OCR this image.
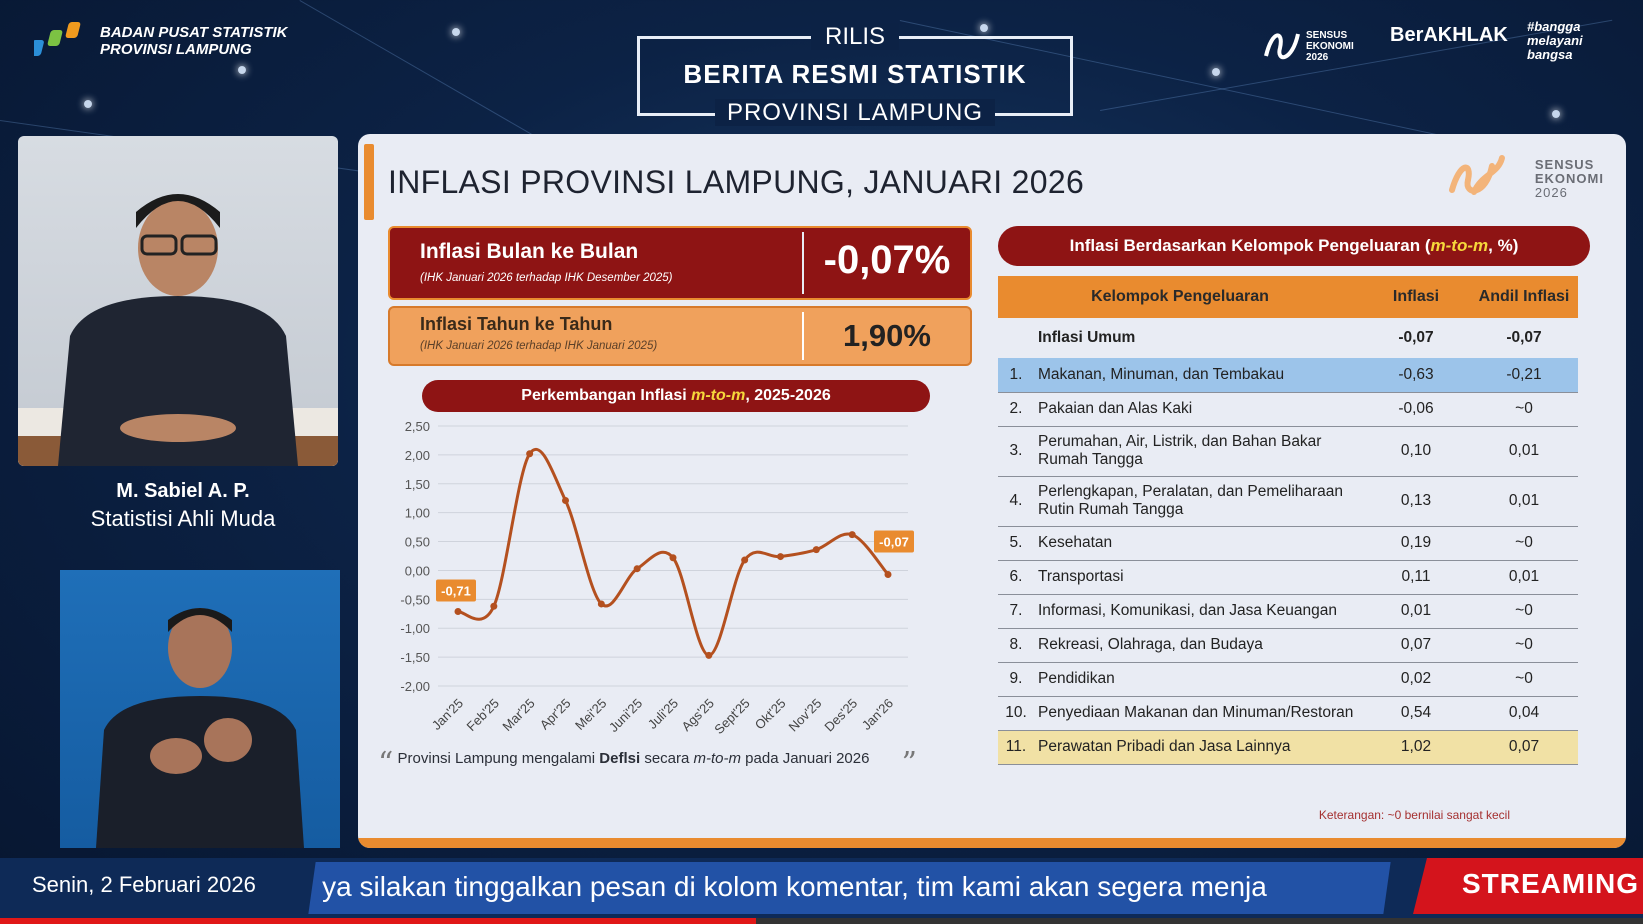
BADAN PUSAT STATISTIK
PROVINSI LAMPUNG	RILIS
BERITA RESMI STATISTIK
PROVINSI LAMPUNG
SENSUS EKONOMI 2026
BerAKHLAK #bangga melayani bangsa
M. Sabiel A. P.
Statistisi Ahli Muda
INFLASI PROVINSI LAMPUNG, JANUARI 2026	SENSUS
EKONOMI
2026
Inflasi Bulan ke Bulan
(IHK Januari 2026 terhadap IHK Desember 2025)	-0,07%
Inflasi Tahun ke Tahun
(IHK Januari 2026 terhadap IHK Januari 2025)	1,90%
Perkembangan Inflasi m-to-m, 2025-2026
2,50
2,00
1,50
1,00
0,50
0,00
-0,50
-1,00
-1,50
-2,00
Jan'25
Feb'25
Mar'25
Apr'25
Mei'25
Juni'25 Juli'25
Ags'25
Sept'25
Okt'25
Nov'25
Des'25
Jan'26
-0,71
-0,07
“ Provinsi Lampung mengalami Deflsi secara m-to-m pada Januari 2026 ”
Inflasi Berdasarkan Kelompok Pengeluaran (m-to-m, %)
Kelompok Pengeluaran		Inflasi	Andil Inflasi
	Inflasi Umum	-0,07	-0,07
1.	Makanan, Minuman, dan Tembakau	-0,63	-0,21
2.	Pakaian dan Alas Kaki	-0,06	~0
3.	Perumahan, Air, Listrik, dan Bahan Bakar Rumah Tangga	0,10	0,01
4.	Perlengkapan, Peralatan, dan Pemeliharaan Rutin Rumah Tangga	0,13	0,01
5.	Kesehatan	0,19	~0
6.	Transportasi	0,11	0,01
7.	Informasi, Komunikasi, dan Jasa Keuangan	0,01	~0
8.	Rekreasi, Olahraga, dan Budaya	0,07	~0
9.	Pendidikan	0,02	~0
10.	Penyediaan Makanan dan Minuman/Restoran	0,54	0,04
11.	Perawatan Pribadi dan Jasa Lainnya	1,02	0,07
Keterangan: ~0 bernilai sangat kecil
Senin, 2 Februari 2026 ya silakan tinggalkan pesan di kolom komentar, tim kami akan segera menja	STREAMING
